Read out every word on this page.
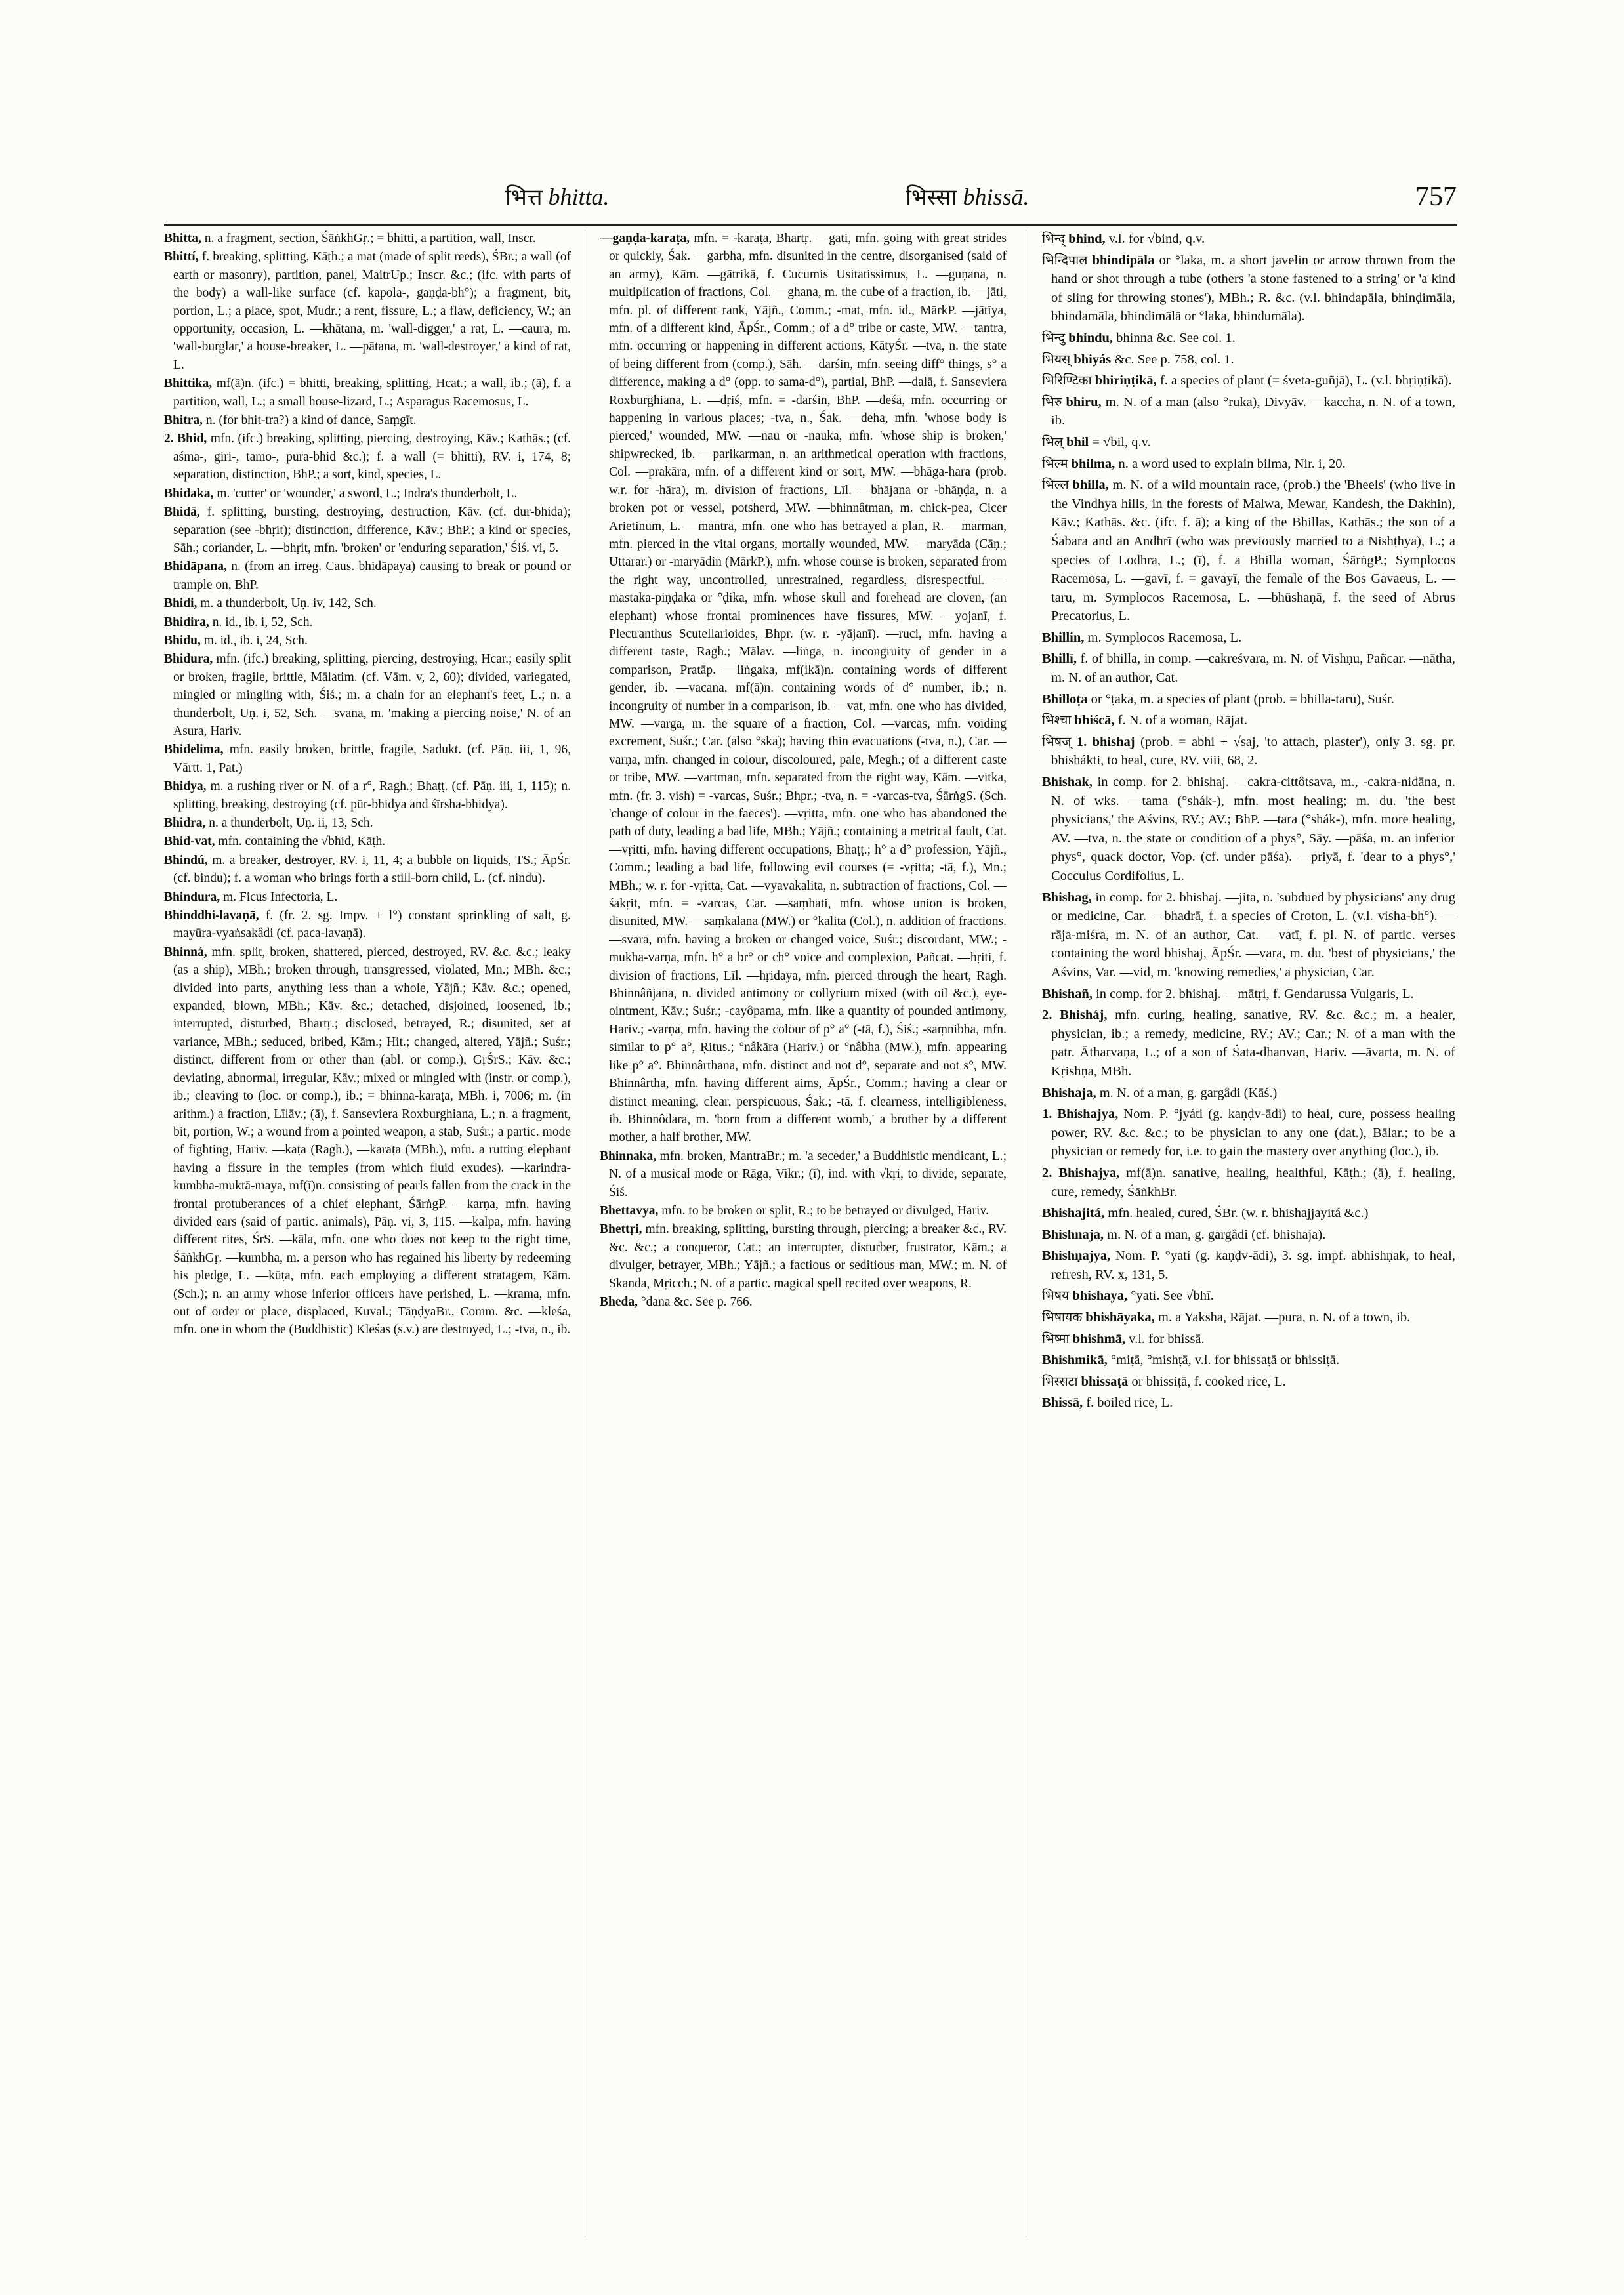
भित्त bhitta.	भिस्सा bhissā.	757

Bhitta, n. a fragment, section, ŚāṅkhGṛ.; = bhitti, a partition, wall, Inscr.

Bhittí, f. breaking, splitting, Kāṭh.; a mat (made of split reeds), ŚBr.; a wall (of earth or masonry), partition, panel, MaitrUp.; Inscr. &c.; (ifc. with parts of the body) a wall-like surface (cf. kapola-, gaṇḍa-bh°); a fragment, bit, portion, L.; a place, spot, Mudr.; a rent, fissure, L.; a flaw, deficiency, W.; an opportunity, occasion, L. —khātana, m. 'wall-digger,' a rat, L. —caura, m. 'wall-burglar,' a house-breaker, L. —pātana, m. 'wall-destroyer,' a kind of rat, L.

Bhittika, mf(ā)n. (ifc.) = bhitti, breaking, splitting, Hcat.; a wall, ib.; (ā), f. a partition, wall, L.; a small house-lizard, L.; Asparagus Racemosus, L.

Bhitra, n. (for bhit-tra?) a kind of dance, Saṃgīt.

2. Bhid, mfn. (ifc.) breaking, splitting, piercing, destroying, Kāv.; Kathās.; (cf. aśma-, giri-, tamo-, pura-bhid &c.); f. a wall (= bhitti), RV. i, 174, 8; separation, distinction, BhP.; a sort, kind, species, L.

Bhidaka, m. 'cutter' or 'wounder,' a sword, L.; Indra's thunderbolt, L.

Bhidā, f. splitting, bursting, destroying, destruction, Kāv. (cf. dur-bhida); separation (see -bhṛit); distinction, difference, Kāv.; BhP.; a kind or species, Sāh.; coriander, L. —bhṛit, mfn. 'broken' or 'enduring separation,' Śiś. vi, 5.

Bhidāpana, n. (from an irreg. Caus. bhidāpaya) causing to break or pound or trample on, BhP.

Bhidi, m. a thunderbolt, Uṇ. iv, 142, Sch.

Bhidira, n. id., ib. i, 52, Sch.

Bhidu, m. id., ib. i, 24, Sch.

Bhidura, mfn. (ifc.) breaking, splitting, piercing, destroying, Hcar.; easily split or broken, fragile, brittle, Mālatim. (cf. Vām. v, 2, 60); divided, variegated, mingled or mingling with, Śiś.; m. a chain for an elephant's feet, L.; n. a thunderbolt, Uṇ. i, 52, Sch. —svana, m. 'making a piercing noise,' N. of an Asura, Hariv.

Bhidelima, mfn. easily broken, brittle, fragile, Sadukt. (cf. Pāṇ. iii, 1, 96, Vārtt. 1, Pat.)

Bhidya, m. a rushing river or N. of a r°, Ragh.; Bhaṭṭ. (cf. Pāṇ. iii, 1, 115); n. splitting, breaking, destroying (cf. pūr-bhidya and śīrsha-bhidya).

Bhidra, n. a thunderbolt, Uṇ. ii, 13, Sch.

Bhid-vat, mfn. containing the √bhid, Kāṭh.

Bhindú, m. a breaker, destroyer, RV. i, 11, 4; a bubble on liquids, TS.; ĀpŚr. (cf. bindu); f. a woman who brings forth a still-born child, L. (cf. nindu).

Bhindura, m. Ficus Infectoria, L.

Bhinddhi-lavaṇā, f. (fr. 2. sg. Impv. + l°) constant sprinkling of salt, g. mayūra-vyaṅsakâdi (cf. paca-lavaṇā).

Bhinná, mfn. split, broken, shattered, pierced, destroyed, RV. &c. &c.; leaky (as a ship), MBh.; broken through, transgressed, violated, Mn.; MBh. &c.; divided into parts, anything less than a whole, Yājñ.; Kāv. &c.; opened, expanded, blown, MBh.; Kāv. &c.; detached, disjoined, loosened, ib.; interrupted, disturbed, Bhartṛ.; disclosed, betrayed, R.; disunited, set at variance, MBh.; seduced, bribed, Kām.; Hit.; changed, altered, Yājñ.; Suśr.; distinct, different from or other than (abl. or comp.), GṛŚrS.; Kāv. &c.; deviating, abnormal, irregular, Kāv.; mixed or mingled with (instr. or comp.), ib.; cleaving to (loc. or comp.), ib.; = bhinna-karaṭa, MBh. i, 7006; m. (in arithm.) a fraction, Līlāv.; (ā), f. Sanseviera Roxburghiana, L.; n. a fragment, bit, portion, W.; a wound from a pointed weapon, a stab, Suśr.; a partic. mode of fighting, Hariv. —kaṭa (Ragh.), —karaṭa (MBh.), mfn. a rutting elephant having a fissure in the temples (from which fluid exudes). —karindra-kumbha-muktā-maya, mf(ī)n. consisting of pearls fallen from the crack in the frontal protuberances of a chief elephant, ŚārṅgP. —karṇa, mfn. having divided ears (said of partic. animals), Pāṇ. vi, 3, 115. —kalpa, mfn. having different rites, ŚrS. —kāla, mfn. one who does not keep to the right time, ŚāṅkhGṛ. —kumbha, m. a person who has regained his liberty by redeeming his pledge, L. —kūṭa, mfn. each employing a different stratagem, Kām. (Sch.); n. an army whose inferior officers have perished, L. —krama, mfn. out of order or place, displaced, Kuval.; TāṇḍyaBr., Comm. &c. —kleśa, mfn. one in whom the (Buddhistic) Kleśas (s.v.) are destroyed, L.; -tva, n., ib.

—gaṇḍa-karaṭa, mfn. = -karaṭa, Bhartṛ. —gati, mfn. going with great strides or quickly, Śak. —garbha, mfn. disunited in the centre, disorganised (said of an army), Kām. —gātrikā, f. Cucumis Usitatissimus, L. —guṇana, n. multiplication of fractions, Col. —ghana, m. the cube of a fraction, ib. —jāti, mfn. pl. of different rank, Yājñ., Comm.; -mat, mfn. id., MārkP. —jātīya, mfn. of a different kind, ĀpŚr., Comm.; of a d° tribe or caste, MW. —tantra, mfn. occurring or happening in different actions, KātyŚr. —tva, n. the state of being different from (comp.), Sāh. —darśin, mfn. seeing diff° things, s° a difference, making a d° (opp. to sama-d°), partial, BhP. —dalā, f. Sanseviera Roxburghiana, L. —dṛiś, mfn. = -darśin, BhP. —deśa, mfn. occurring or happening in various places; -tva, n., Śak. —deha, mfn. 'whose body is pierced,' wounded, MW. —nau or -nauka, mfn. 'whose ship is broken,' shipwrecked, ib. —parikarman, n. an arithmetical operation with fractions, Col. —prakāra, mfn. of a different kind or sort, MW. —bhāga-hara (prob. w.r. for -hāra), m. division of fractions, Līl. —bhājana or -bhāṇḍa, n. a broken pot or vessel, potsherd, MW. —bhinnâtman, m. chick-pea, Cicer Arietinum, L. —mantra, mfn. one who has betrayed a plan, R. —marman, mfn. pierced in the vital organs, mortally wounded, MW. —maryāda (Cāṇ.; Uttarar.) or -maryādin (MārkP.), mfn. whose course is broken, separated from the right way, uncontrolled, unrestrained, regardless, disrespectful. —mastaka-piṇḍaka or °ḍika, mfn. whose skull and forehead are cloven, (an elephant) whose frontal prominences have fissures, MW. —yojanī, f. Plectranthus Scutellarioides, Bhpr. (w. r. -yājanī). —ruci, mfn. having a different taste, Ragh.; Mālav. —liṅga, n. incongruity of gender in a comparison, Pratāp. —liṅgaka, mf(ikā)n. containing words of different gender, ib. —vacana, mf(ā)n. containing words of d° number, ib.; n. incongruity of number in a comparison, ib. —vat, mfn. one who has divided, MW. —varga, m. the square of a fraction, Col. —varcas, mfn. voiding excrement, Suśr.; Car. (also °ska); having thin evacuations (-tva, n.), Car. —varṇa, mfn. changed in colour, discoloured, pale, Megh.; of a different caste or tribe, MW. —vartman, mfn. separated from the right way, Kām. —vitka, mfn. (fr. 3. vish) = -varcas, Suśr.; Bhpr.; -tva, n. = -varcas-tva, ŚārṅgS. (Sch. 'change of colour in the faeces'). —vṛitta, mfn. one who has abandoned the path of duty, leading a bad life, MBh.; Yājñ.; containing a metrical fault, Cat. —vṛitti, mfn. having different occupations, Bhaṭṭ.; h° a d° profession, Yājñ., Comm.; leading a bad life, following evil courses (= -vṛitta; -tā, f.), Mn.; MBh.; w. r. for -vṛitta, Cat. —vyavakalita, n. subtraction of fractions, Col. —śakṛit, mfn. = -varcas, Car. —saṃhati, mfn. whose union is broken, disunited, MW. —saṃkalana (MW.) or °kalita (Col.), n. addition of fractions. —svara, mfn. having a broken or changed voice, Suśr.; discordant, MW.; -mukha-varṇa, mfn. h° a br° or ch° voice and complexion, Pañcat. —hṛiti, f. division of fractions, Līl. —hṛidaya, mfn. pierced through the heart, Ragh. Bhinnâñjana, n. divided antimony or collyrium mixed (with oil &c.), eye-ointment, Kāv.; Suśr.; -cayôpama, mfn. like a quantity of pounded antimony, Hariv.; -varṇa, mfn. having the colour of p° a° (-tā, f.), Śiś.; -saṃnibha, mfn. similar to p° a°, Ṛitus.; °nâkāra (Hariv.) or °nâbha (MW.), mfn. appearing like p° a°. Bhinnârthana, mfn. distinct and not d°, separate and not s°, MW. Bhinnârtha, mfn. having different aims, ĀpŚr., Comm.; having a clear or distinct meaning, clear, perspicuous, Śak.; -tā, f. clearness, intelligibleness, ib. Bhinnôdara, m. 'born from a different womb,' a brother by a different mother, a half brother, MW.

Bhinnaka, mfn. broken, MantraBr.; m. 'a seceder,' a Buddhistic mendicant, L.; N. of a musical mode or Rāga, Vikr.; (ī), ind. with √kṛi, to divide, separate, Śiś.

Bhettavya, mfn. to be broken or split, R.; to be betrayed or divulged, Hariv.

Bhettṛi, mfn. breaking, splitting, bursting through, piercing; a breaker &c., RV. &c. &c.; a conqueror, Cat.; an interrupter, disturber, frustrator, Kām.; a divulger, betrayer, MBh.; Yājñ.; a factious or seditious man, MW.; m. N. of Skanda, Mṛicch.; N. of a partic. magical spell recited over weapons, R.

Bheda, °dana &c. See p. 766.

भिन्द् bhind, v.l. for √bind, q.v.

भिन्दिपाल bhindipāla or °laka, m. a short javelin or arrow thrown from the hand or shot through a tube (others 'a stone fastened to a string' or 'a kind of sling for throwing stones'), MBh.; R. &c. (v.l. bhindapāla, bhinḍimāla, bhindamāla, bhindimālā or °laka, bhindumāla).

भिन्दु bhindu, bhinna &c. See col. 1.

भियस् bhiyás &c. See p. 758, col. 1.

भिरिण्टिका bhiriṇṭikā, f. a species of plant (= śveta-guñjā), L. (v.l. bhṛiṇṭikā).

भिरु bhiru, m. N. of a man (also °ruka), Divyāv. —kaccha, n. N. of a town, ib.

भिल् bhil = √bil, q.v.

भिल्म bhilma, n. a word used to explain bilma, Nir. i, 20.

भिल्ल bhilla, m. N. of a wild mountain race, (prob.) the 'Bheels' (who live in the Vindhya hills, in the forests of Malwa, Mewar, Kandesh, the Dakhin), Kāv.; Kathās. &c. (ifc. f. ā); a king of the Bhillas, Kathās.; the son of a Śabara and an Andhrī (who was previously married to a Nishṭhya), L.; a species of Lodhra, L.; (ī), f. a Bhilla woman, ŚārṅgP.; Symplocos Racemosa, L. —gavī, f. = gavayī, the female of the Bos Gavaeus, L. —taru, m. Symplocos Racemosa, L. —bhūshaṇā, f. the seed of Abrus Precatorius, L.

Bhillin, m. Symplocos Racemosa, L.

Bhillī, f. of bhilla, in comp. —cakreśvara, m. N. of Vishṇu, Pañcar. —nātha, m. N. of an author, Cat.

Bhilloṭa or °ṭaka, m. a species of plant (prob. = bhilla-taru), Suśr.

भिश्चा bhiścā, f. N. of a woman, Rājat.

भिषज् 1. bhishaj (prob. = abhi + √saj, 'to attach, plaster'), only 3. sg. pr. bhishákti, to heal, cure, RV. viii, 68, 2.

Bhishak, in comp. for 2. bhishaj. —cakra-cittôtsava, m., -cakra-nidāna, n. N. of wks. —tama (°shák-), mfn. most healing; m. du. 'the best physicians,' the Aśvins, RV.; AV.; BhP. —tara (°shák-), mfn. more healing, AV. —tva, n. the state or condition of a phys°, Sāy. —pāśa, m. an inferior phys°, quack doctor, Vop. (cf. under pāśa). —priyā, f. 'dear to a phys°,' Cocculus Cordifolius, L.

Bhishag, in comp. for 2. bhishaj. —jita, n. 'subdued by physicians' any drug or medicine, Car. —bhadrā, f. a species of Croton, L. (v.l. visha-bh°). —rāja-miśra, m. N. of an author, Cat. —vatī, f. pl. N. of partic. verses containing the word bhishaj, ĀpŚr. —vara, m. du. 'best of physicians,' the Aśvins, Var. —vid, m. 'knowing remedies,' a physician, Car.

Bhishañ, in comp. for 2. bhishaj. —mātṛi, f. Gendarussa Vulgaris, L.

2. Bhisháj, mfn. curing, healing, sanative, RV. &c. &c.; m. a healer, physician, ib.; a remedy, medicine, RV.; AV.; Car.; N. of a man with the patr. Ātharvaṇa, L.; of a son of Śata-dhanvan, Hariv. —āvarta, m. N. of Kṛishṇa, MBh.

Bhishaja, m. N. of a man, g. gargâdi (Kāś.)

1. Bhishajya, Nom. P. °jyáti (g. kaṇḍv-ādi) to heal, cure, possess healing power, RV. &c. &c.; to be physician to any one (dat.), Bālar.; to be a physician or remedy for, i.e. to gain the mastery over anything (loc.), ib.

2. Bhishajya, mf(ā)n. sanative, healing, healthful, Kāṭh.; (ā), f. healing, cure, remedy, ŚāṅkhBr.

Bhishajitá, mfn. healed, cured, ŚBr. (w. r. bhishajjayitá &c.)

Bhishnaja, m. N. of a man, g. gargâdi (cf. bhishaja).

Bhishṇajya, Nom. P. °yati (g. kaṇḍv-ādi), 3. sg. impf. abhishṇak, to heal, refresh, RV. x, 131, 5.

भिषय bhishaya, °yati. See √bhī.

भिषायक bhishāyaka, m. a Yaksha, Rājat. —pura, n. N. of a town, ib.

भिष्मा bhishmā, v.l. for bhissā.

Bhishmikā, °miṭā, °mishṭā, v.l. for bhissaṭā or bhissiṭā.

भिस्सटा bhissaṭā or bhissiṭā, f. cooked rice, L.

Bhissā, f. boiled rice, L.
